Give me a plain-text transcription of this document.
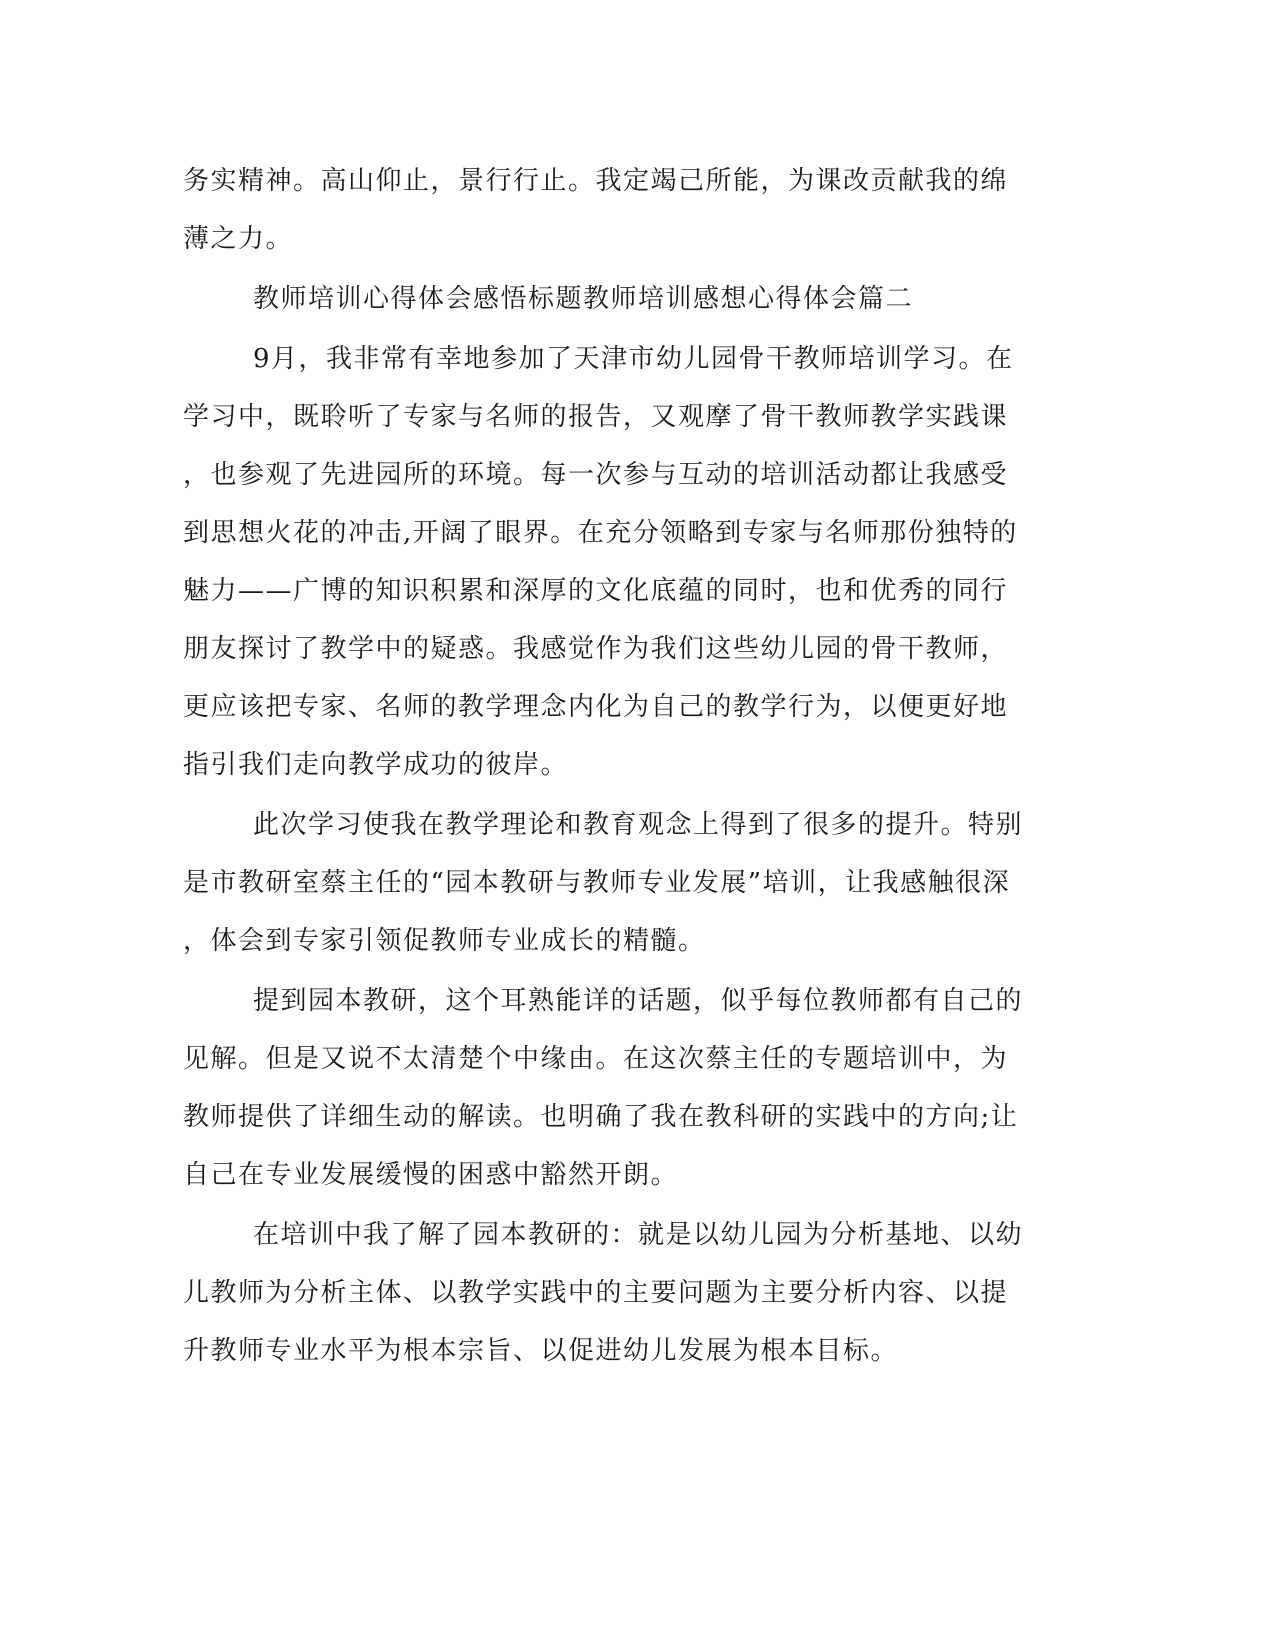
务实精神。高山仰止，景行行止。我定竭己所能，为课改贡献我的绵
薄之力。
教师培训心得体会感悟标题教师培训感想心得体会篇二
9月，我非常有幸地参加了天津市幼儿园骨干教师培训学习。在
学习中，既聆听了专家与名师的报告，又观摩了骨干教师教学实践课
，也参观了先进园所的环境。每一次参与互动的培训活动都让我感受
到思想火花的冲击,开阔了眼界。在充分领略到专家与名师那份独特的
魅力——广博的知识积累和深厚的文化底蕴的同时，也和优秀的同行
朋友探讨了教学中的疑惑。我感觉作为我们这些幼儿园的骨干教师，
更应该把专家、名师的教学理念内化为自己的教学行为，以便更好地
指引我们走向教学成功的彼岸。
此次学习使我在教学理论和教育观念上得到了很多的提升。特别
是市教研室蔡主任的“园本教研与教师专业发展”培训，让我感触很深
，体会到专家引领促教师专业成长的精髓。
提到园本教研，这个耳熟能详的话题，似乎每位教师都有自己的
见解。但是又说不太清楚个中缘由。在这次蔡主任的专题培训中，为
教师提供了详细生动的解读。也明确了我在教科研的实践中的方向;让
自己在专业发展缓慢的困惑中豁然开朗。
在培训中我了解了园本教研的：就是以幼儿园为分析基地、以幼
儿教师为分析主体、以教学实践中的主要问题为主要分析内容、以提
升教师专业水平为根本宗旨、以促进幼儿发展为根本目标。
